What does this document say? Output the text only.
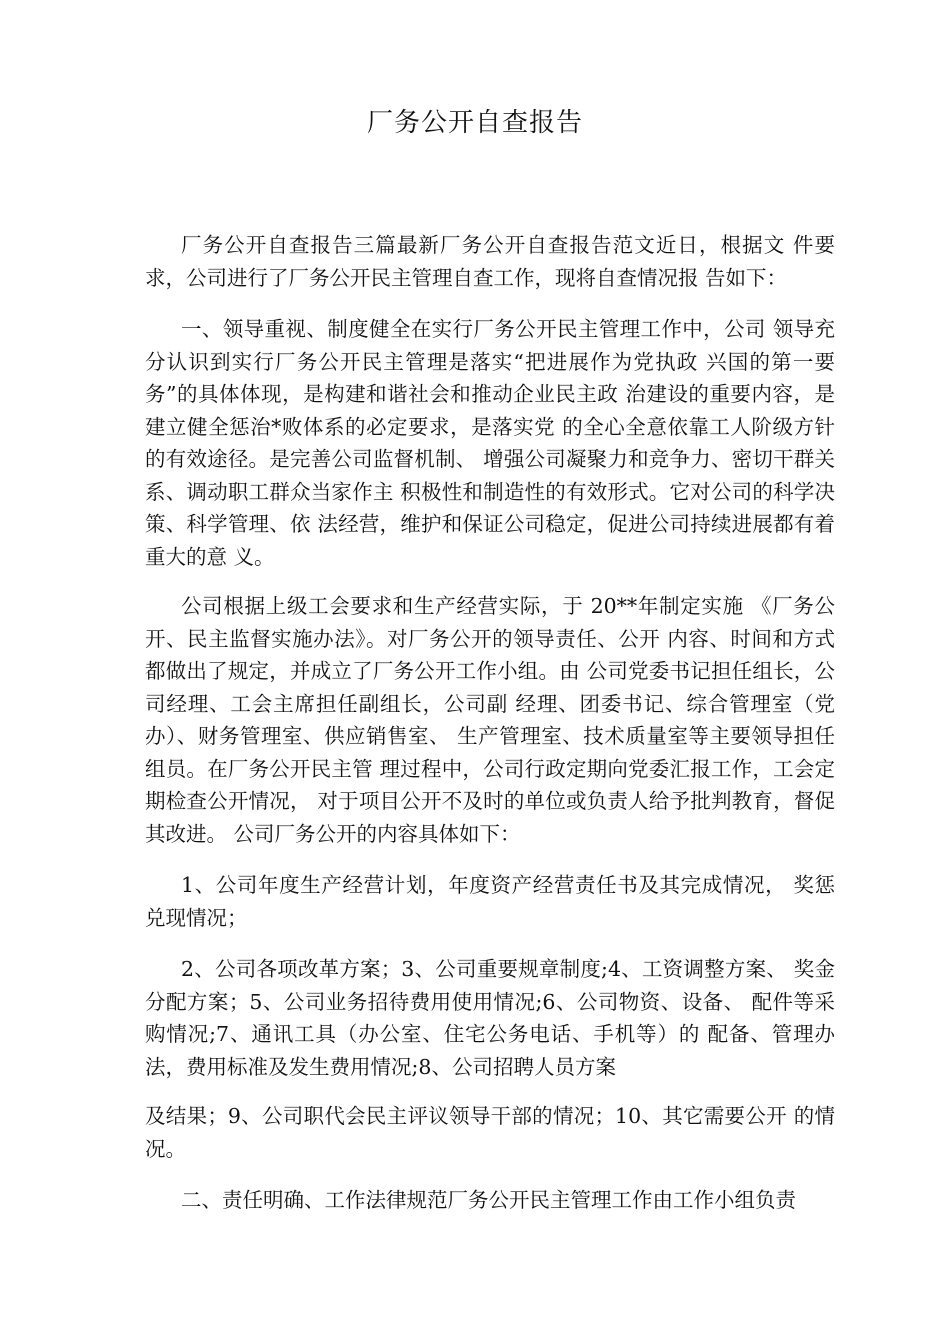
厂务公开自查报告

厂务公开自查报告三篇最新厂务公开自查报告范文近日，根据文 件要求，公司进行了厂务公开民主管理自查工作，现将自查情况报 告如下：

一、领导重视、制度健全在实行厂务公开民主管理工作中，公司 领导充分认识到实行厂务公开民主管理是落实“把进展作为党执政 兴国的第一要务”的具体体现，是构建和谐社会和推动企业民主政 治建设的重要内容，是建立健全惩治*败体系的必定要求，是落实党 的全心全意依靠工人阶级方针的有效途径。是完善公司监督机制、 增强公司凝聚力和竞争力、密切干群关系、调动职工群众当家作主 积极性和制造性的有效形式。它对公司的科学决策、科学管理、依 法经营，维护和保证公司稳定，促进公司持续进展都有着重大的意 义。

公司根据上级工会要求和生产经营实际，于 20**年制定实施 《厂务公开、民主监督实施办法》。对厂务公开的领导责任、公开 内容、时间和方式都做出了规定，并成立了厂务公开工作小组。由 公司党委书记担任组长，公司经理、工会主席担任副组长，公司副 经理、团委书记、综合管理室（党办）、财务管理室、供应销售室、 生产管理室、技术质量室等主要领导担任组员。在厂务公开民主管 理过程中，公司行政定期向党委汇报工作，工会定期检查公开情况， 对于项目公开不及时的单位或负责人给予批判教育，督促其改进。 公司厂务公开的内容具体如下：

1、公司年度生产经营计划，年度资产经营责任书及其完成情况， 奖惩兑现情况；

2、公司各项改革方案；3、公司重要规章制度;4、工资调整方案、 奖金分配方案；5、公司业务招待费用使用情况;6、公司物资、设备、 配件等采购情况;7、通讯工具（办公室、住宅公务电话、手机等）的 配备、管理办法，费用标准及发生费用情况;8、公司招聘人员方案

及结果；9、公司职代会民主评议领导干部的情况；10、其它需要公开 的情况。

二、责任明确、工作法律规范厂务公开民主管理工作由工作小组负责
